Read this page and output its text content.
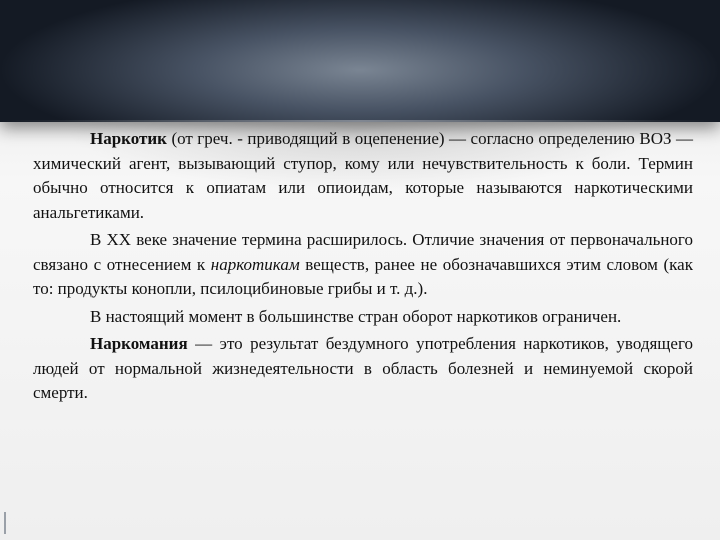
Наркотик (от греч. - приводящий в оцепенение) — согласно определению ВОЗ — химический агент, вызывающий ступор, кому или нечувствительность к боли. Термин обычно относится к опиатам или опиоидам, которые называются наркотическими анальгетиками.

В XX веке значение термина расширилось. Отличие значения от первоначального связано с отнесением к наркотикам веществ, ранее не обозначавшихся этим словом (как то: продукты конопли, псилоцибиновые грибы и т. д.).

В настоящий момент в большинстве стран оборот наркотиков ограничен.

Наркомания — это результат бездумного употребления наркотиков, уводящего людей от нормальной жизнедеятельности в область болезней и неминуемой скорой смерти.
